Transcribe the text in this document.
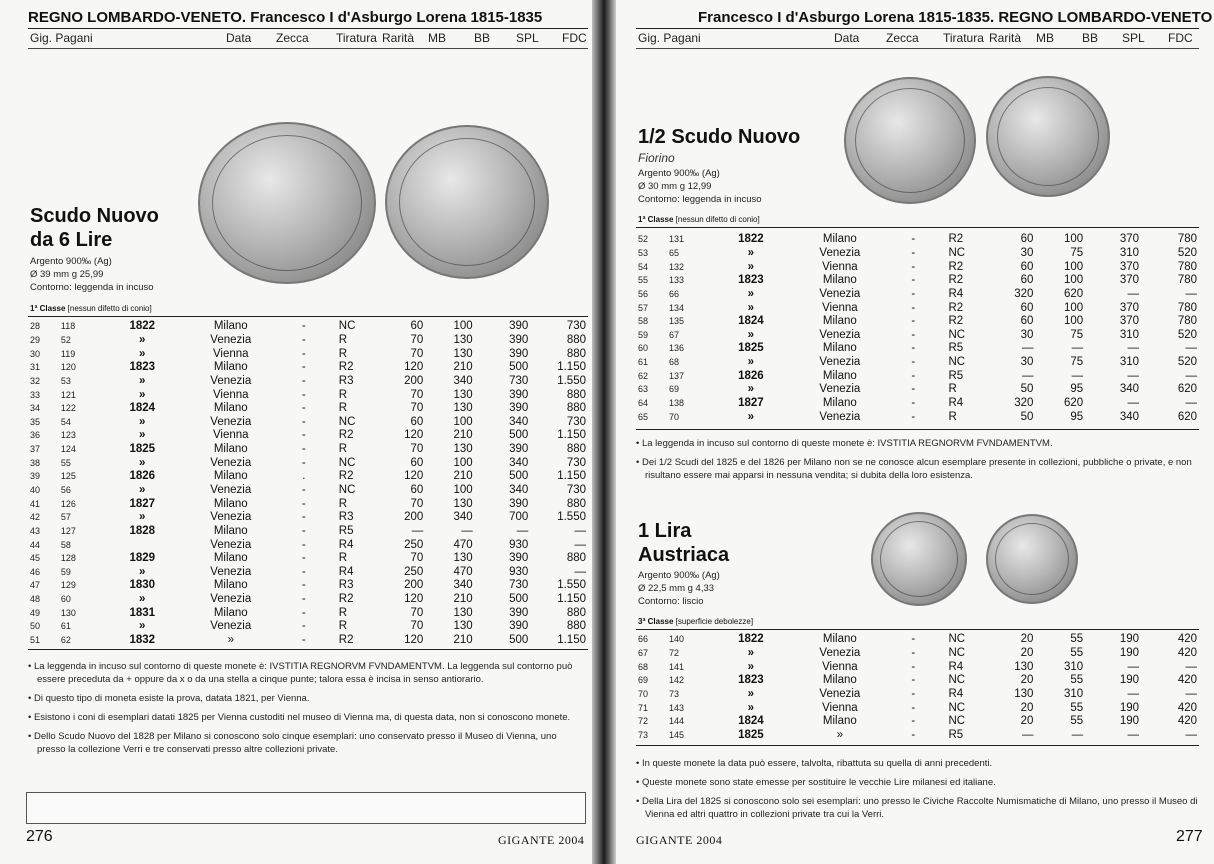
REGNO LOMBARDO-VENETO. Francesco I d'Asburgo Lorena 1815-1835
Gig. Pagani	Data Zecca Tiratura Rarità MB BB SPL FDC
Scudo Nuovo
da 6 Lire
Argento 900‰ (Ag)
Ø 39 mm g 25,99
Contorno: leggenda in incuso
1ª Classe [nessun difetto di conio]
28	118	1822	Milano	-	NC	60	100	390	730
29	52	»	Venezia	-	R	70	130	390	880
30	119	»	Vienna	-	R	70	130	390	880
31	120	1823	Milano	-	R2	120	210	500	1.150
32	53	»	Venezia	-	R3	200	340	730	1.550
33	121	»	Vienna	-	R	70	130	390	880
34	122	1824	Milano	-	R	70	130	390	880
35	54	»	Venezia	-	NC	60	100	340	730
36	123	»	Vienna	-	R2	120	210	500	1.150
37	124	1825	Milano	-	R	70	130	390	880
38	55	»	Venezia	-	NC	60	100	340	730
39	125	1826	Milano	.	R2	120	210	500	1.150
40	56	»	Venezia	-	NC	60	100	340	730
41	126	1827	Milano	-	R	70	130	390	880
42	57	»	Venezia	-	R3	200	340	700	1.550
43	127	1828	Milano	-	R5	—	—	—	—
44	58		Venezia	-	R4	250	470	930	—
45	128	1829	Milano	-	R	70	130	390	880
46	59	»	Venezia	-	R4	250	470	930	—
47	129	1830	Milano	-	R3	200	340	730	1.550
48	60	»	Venezia	-	R2	120	210	500	1.150
49	130	1831	Milano	-	R	70	130	390	880
50	61	»	Venezia	-	R	70	130	390	880
51	62	1832	»	-	R2	120	210	500	1.150

• La leggenda in incuso sul contorno di queste monete è: IVSTITIA REGNORVM FVNDAMENTVM. La leggenda sul contorno può essere preceduta da + oppure da x o da una stella a cinque punte; talora essa è incisa in senso antiorario.

• Di questo tipo di moneta esiste la prova, datata 1821, per Vienna.

• Esistono i coni di esemplari datati 1825 per Vienna custoditi nel museo di Vienna ma, di questa data, non si conoscono monete.

• Dello Scudo Nuovo del 1828 per Milano si conoscono solo cinque esemplari: uno conservato presso il Museo di Vienna, uno presso la collezione Verri e tre conservati presso altre collezioni private.

276	GIGANTE 2004
Francesco I d'Asburgo Lorena 1815-1835. REGNO LOMBARDO-VENETO
Gig. Pagani	Data Zecca Tiratura Rarità MB BB SPL FDC
1/2 Scudo Nuovo
Fiorino
Argento 900‰ (Ag)
Ø 30 mm g 12,99
Contorno: leggenda in incuso
1ª Classe [nessun difetto di conio]
52	131	1822	Milano	-	R2	60	100	370	780
53	65	»	Venezia	-	NC	30	75	310	520
54	132	»	Vienna	-	R2	60	100	370	780
55	133	1823	Milano	-	R2	60	100	370	780
56	66	»	Venezia	-	R4	320	620	—	—
57	134	»	Vienna	-	R2	60	100	370	780
58	135	1824	Milano	-	R2	60	100	370	780
59	67	»	Venezia	-	NC	30	75	310	520
60	136	1825	Milano	-	R5	—	—	—	—
61	68	»	Venezia	-	NC	30	75	310	520
62	137	1826	Milano	-	R5	—	—	—	—
63	69	»	Venezia	-	R	50	95	340	620
64	138	1827	Milano	-	R4	320	620	—	—
65	70	»	Venezia	-	R	50	95	340	620

• La leggenda in incuso sul contorno di queste monete è: IVSTITIA REGNORVM FVNDAMENTVM.

• Dei 1/2 Scudi del 1825 e del 1826 per Milano non se ne conosce alcun esemplare presente in collezioni, pubbliche o private, e non risultano essere mai apparsi in nessuna vendita; si dubita della loro esistenza.

1 Lira
Austriaca
Argento 900‰ (Ag)
Ø 22,5 mm g 4,33
Contorno: liscio
3ª Classe [superficie debolezze]
66	140	1822	Milano	-	NC	20	55	190	420
67	72	»	Venezia	-	NC	20	55	190	420
68	141	»	Vienna	-	R4	130	310	—	—
69	142	1823	Milano	-	NC	20	55	190	420
70	73	»	Venezia	-	R4	130	310	—	—
71	143	»	Vienna	-	NC	20	55	190	420
72	144	1824	Milano	-	NC	20	55	190	420
73	145	1825	»	-	R5	—	—	—	—

• In queste monete la data può essere, talvolta, ribattuta su quella di anni precedenti.

• Queste monete sono state emesse per sostituire le vecchie Lire milanesi ed italiane.

• Della Lira del 1825 si conoscono solo sei esemplari: uno presso le Civiche Raccolte Numismatiche di Milano, uno presso il Museo di Vienna ed altri quattro in collezioni private tra cui la Verri.

GIGANTE 2004	277
